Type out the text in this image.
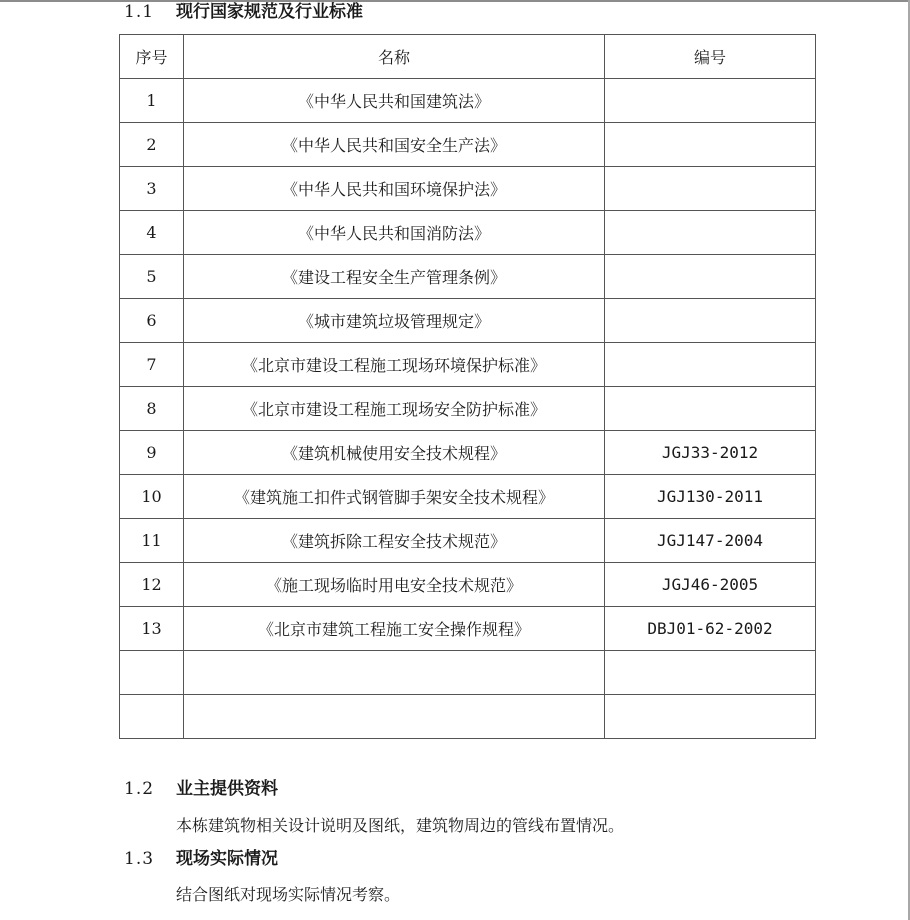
1.1 现行国家规范及行业标准
序号	名称	编号
1	《中华人民共和国建筑法》	
2	《中华人民共和国安全生产法》	
3	《中华人民共和国环境保护法》	
4	《中华人民共和国消防法》	
5	《建设工程安全生产管理条例》	
6	《城市建筑垃圾管理规定》	
7	《北京市建设工程施工现场环境保护标准》	
8	《北京市建设工程施工现场安全防护标准》	
9	《建筑机械使用安全技术规程》	JGJ33-2012
10	《建筑施工扣件式钢管脚手架安全技术规程》	JGJ130-2011
11	《建筑拆除工程安全技术规范》	JGJ147-2004
12	《施工现场临时用电安全技术规范》	JGJ46-2005
13	《北京市建筑工程施工安全操作规程》	DBJ01-62-2002

1.2 业主提供资料
本栋建筑物相关设计说明及图纸，建筑物周边的管线布置情况。
1.3 现场实际情况
结合图纸对现场实际情况考察。
